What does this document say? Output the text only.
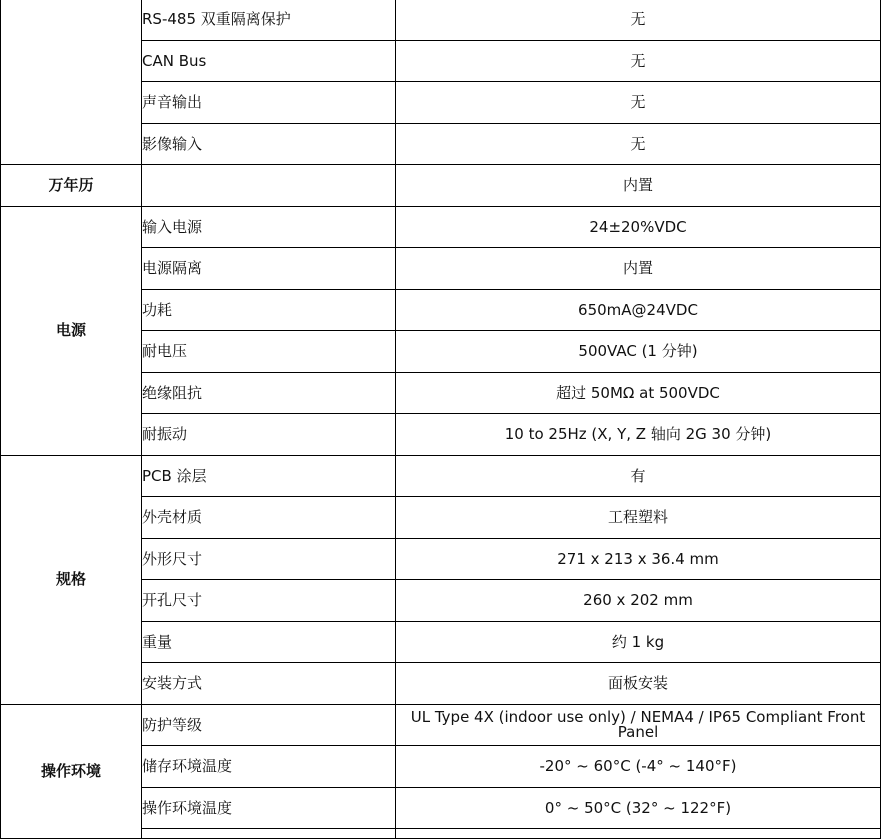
	RS-485 双重隔离保护	无
	CAN Bus	无
	声音输出	无
	影像输入	无
万年历		内置
电源	输入电源	24±20%VDC
	电源隔离	内置
	功耗	650mA@24VDC
	耐电压	500VAC (1 分钟)
	绝缘阻抗	超过 50MΩ at 500VDC
	耐振动	10 to 25Hz (X, Y, Z 轴向 2G 30 分钟)
规格	PCB 涂层	有
	外壳材质	工程塑料
	外形尺寸	271 x 213 x 36.4 mm
	开孔尺寸	260 x 202 mm
	重量	约 1 kg
	安装方式	面板安装
操作环境	防护等级	UL Type 4X (indoor use only) / NEMA4 / IP65 Compliant Front Panel
	储存环境温度	-20° ~ 60°C (-4° ~ 140°F)
	操作环境温度	0° ~ 50°C (32° ~ 122°F)
